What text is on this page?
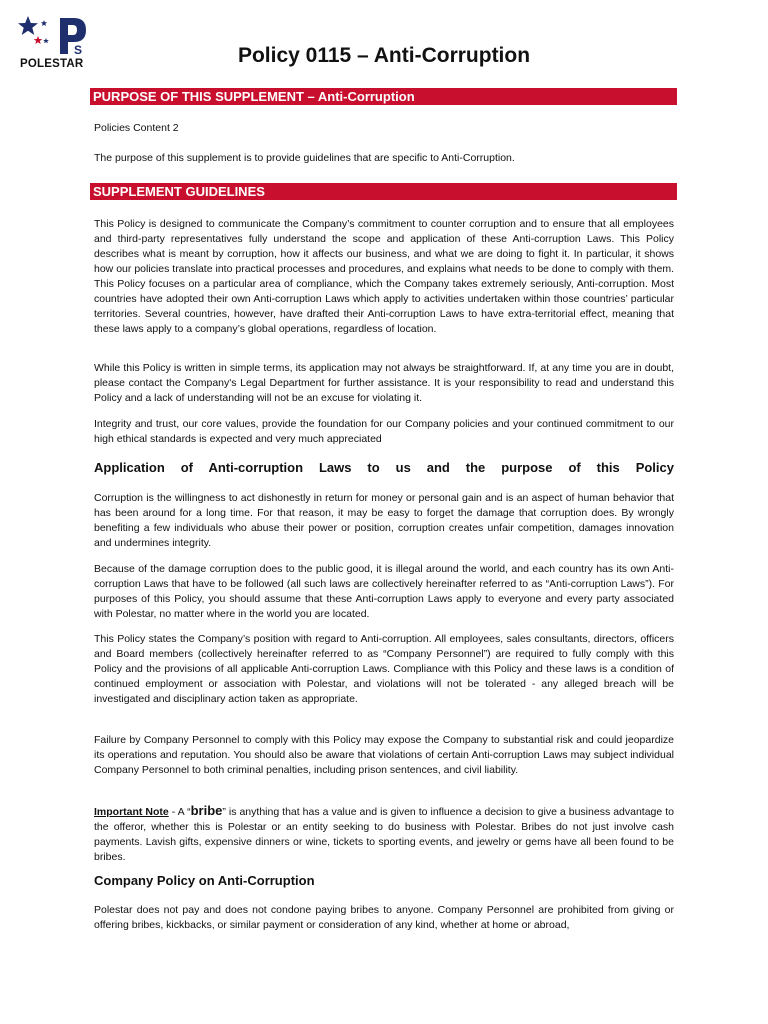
S
POLESTAR	Policy 0115 – Anti-Corruption
PURPOSE OF THIS SUPPLEMENT – Anti-Corruption

Policies Content 2

The purpose of this supplement is to provide guidelines that are specific to Anti-Corruption.

SUPPLEMENT GUIDELINES

This Policy is designed to communicate the Company’s commitment to counter corruption and to ensure that all employees and third-party representatives fully understand the scope and application of these Anti-corruption Laws. This Policy describes what is meant by corruption, how it affects our business, and what we are doing to fight it. In particular, it shows how our policies translate into practical processes and procedures, and explains what needs to be done to comply with them. This Policy focuses on a particular area of compliance, which the Company takes extremely seriously, Anti-corruption. Most countries have adopted their own Anti-corruption Laws which apply to activities undertaken within those countries’ particular territories. Several countries, however, have drafted their Anti-corruption Laws to have extra-territorial effect, meaning that these laws apply to a company’s global operations, regardless of location.

While this Policy is written in simple terms, its application may not always be straightforward. If, at any time you are in doubt, please contact the Company's Legal Department for further assistance. It is your responsibility to read and understand this Policy and a lack of understanding will not be an excuse for violating it.

Integrity and trust, our core values, provide the foundation for our Company policies and your continued commitment to our high ethical standards is expected and very much appreciated

Application of Anti-corruption Laws to us and the purpose of this Policy

Corruption is the willingness to act dishonestly in return for money or personal gain and is an aspect of human behavior that has been around for a long time. For that reason, it may be easy to forget the damage that corruption does. By wrongly benefiting a few individuals who abuse their power or position, corruption creates unfair competition, damages innovation and undermines integrity.

Because of the damage corruption does to the public good, it is illegal around the world, and each country has its own Anti-corruption Laws that have to be followed (all such laws are collectively hereinafter referred to as “Anti-corruption Laws”). For purposes of this Policy, you should assume that these Anti-corruption Laws apply to everyone and every party associated with Polestar, no matter where in the world you are located.

This Policy states the Company’s position with regard to Anti-corruption. All employees, sales consultants, directors, officers and Board members (collectively hereinafter referred to as “Company Personnel”) are required to fully comply with this Policy and the provisions of all applicable Anti-corruption Laws. Compliance with this Policy and these laws is a condition of continued employment or association with Polestar, and violations will not be tolerated - any alleged breach will be investigated and disciplinary action taken as appropriate.

Failure by Company Personnel to comply with this Policy may expose the Company to substantial risk and could jeopardize its operations and reputation. You should also be aware that violations of certain Anti-corruption Laws may subject individual Company Personnel to both criminal penalties, including prison sentences, and civil liability.

Important Note - A “bribe” is anything that has a value and is given to influence a decision to give a business advantage to the offeror, whether this is Polestar or an entity seeking to do business with Polestar. Bribes do not just involve cash payments. Lavish gifts, expensive dinners or wine, tickets to sporting events, and jewelry or gems have all been found to be bribes.

Company Policy on Anti-Corruption

Polestar does not pay and does not condone paying bribes to anyone. Company Personnel are prohibited from giving or offering bribes, kickbacks, or similar payment or consideration of any kind, whether at home or abroad,
